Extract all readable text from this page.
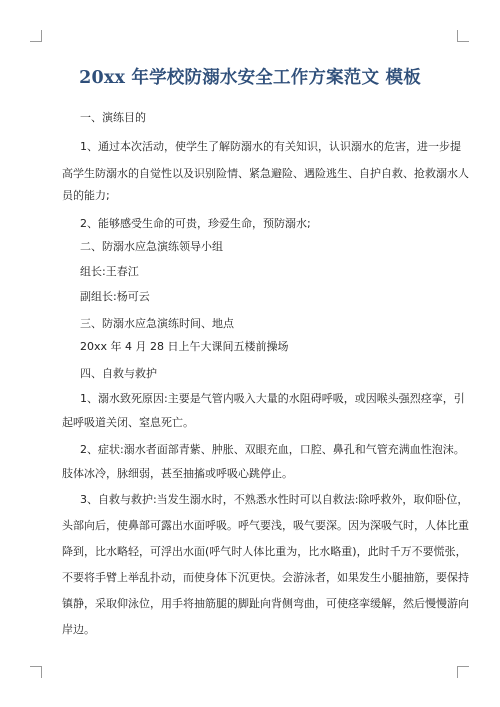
20xx 年学校防溺水安全工作方案范文 模板
一、演练目的
1、通过本次活动，使学生了解防溺水的有关知识，认识溺水的危害，进一步提
高学生防溺水的自觉性以及识别险情、紧急避险、遇险逃生、自护自救、抢救溺水人
员的能力;
2、能够感受生命的可贵，珍爱生命，预防溺水;
二、防溺水应急演练领导小组
组长:王春江
副组长:杨可云
三、防溺水应急演练时间、地点
20xx 年 4 月 28 日上午大课间五楼前操场
四、自救与救护
1、溺水致死原因:主要是气管内吸入大量的水阻碍呼吸，或因喉头强烈痉挛，引
起呼吸道关闭、窒息死亡。
2、症状:溺水者面部青紫、肿胀、双眼充血，口腔、鼻孔和气管充满血性泡沫。
肢体冰冷，脉细弱，甚至抽搐或呼吸心跳停止。
3、自救与救护:当发生溺水时，不熟悉水性时可以自救法:除呼救外，取仰卧位，
头部向后，使鼻部可露出水面呼吸。呼气要浅，吸气要深。因为深吸气时，人体比重
降到，比水略轻，可浮出水面(呼气时人体比重为，比水略重)，此时千万不要慌张，
不要将手臂上举乱扑动，而使身体下沉更快。会游泳者，如果发生小腿抽筋，要保持
镇静，采取仰泳位，用手将抽筋腿的脚趾向背侧弯曲，可使痉挛缓解，然后慢慢游向
岸边。
